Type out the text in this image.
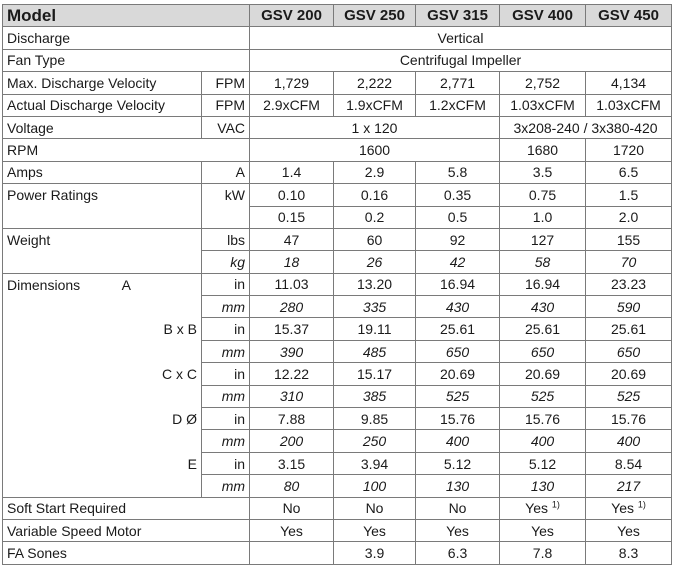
Model		GSV 200	GSV 250	GSV 315	GSV 400	GSV 450
Discharge		Vertical				
Fan Type		Centrifugal Impeller				
Max. Discharge Velocity	FPM	1,729	2,222	2,771	2,752	4,134
Actual Discharge Velocity	FPM	2.9xCFM	1.9xCFM	1.2xCFM	1.03xCFM	1.03xCFM
Voltage	VAC	1 x 120			3x208-240 / 3x380-420	
RPM		1600			1680	1720
Amps	A	1.4	2.9	5.8	3.5	6.5
Power Ratings	kW	0.10	0.16	0.35	0.75	1.5
		0.15	0.2	0.5	1.0	2.0
Weight	lbs	47	60	92	127	155
	kg	18	26	42	58	70
Dimensions A	in	11.03	13.20	16.94	16.94	23.23
	mm	280	335	430	430	590
B x B	in	15.37	19.11	25.61	25.61	25.61
	mm	390	485	650	650	650
C x C	in	12.22	15.17	20.69	20.69	20.69
	mm	310	385	525	525	525
D Ø	in	7.88	9.85	15.76	15.76	15.76
	mm	200	250	400	400	400
E	in	3.15	3.94	5.12	5.12	8.54
	mm	80	100	130	130	217
Soft Start Required		No	No	No	Yes $^{1)}$	Yes $^{1)}$
Variable Speed Motor		Yes	Yes	Yes	Yes	Yes
FA Sones			3.9	6.3	7.8	8.3
